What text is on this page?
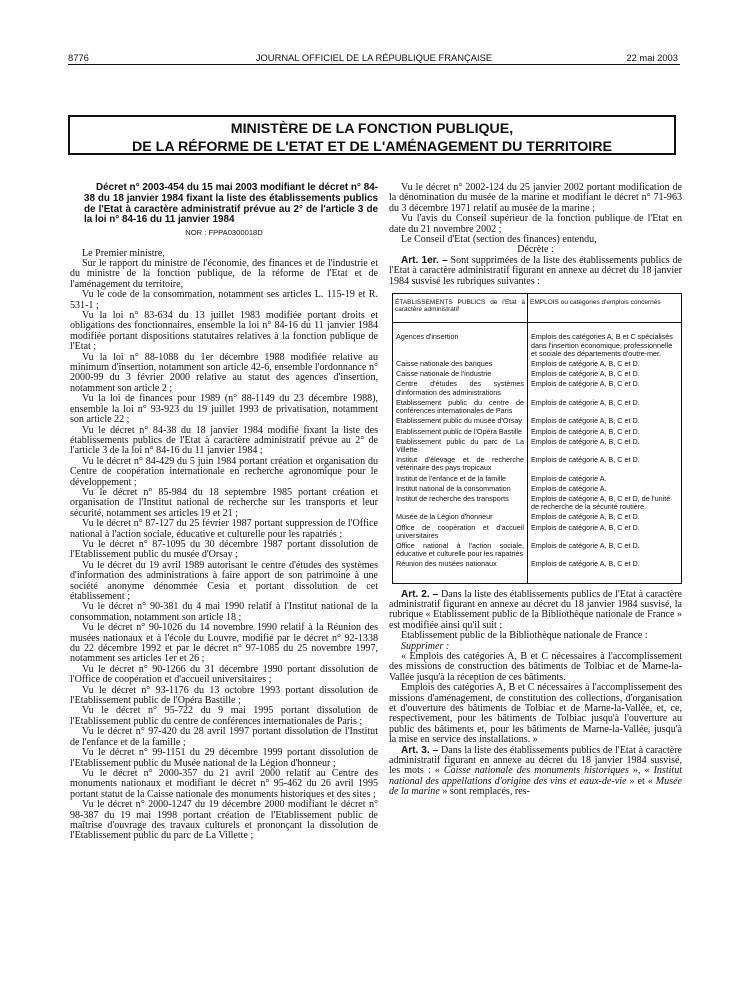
8776	JOURNAL OFFICIEL DE LA RÉPUBLIQUE FRANÇAISE	22 mai 2003
MINISTÈRE DE LA FONCTION PUBLIQUE,
DE LA RÉFORME DE L'ETAT ET DE L'AMÉNAGEMENT DU TERRITOIRE

Décret n° 2003-454 du 15 mai 2003 modifiant le décret n° 84-38 du 18 janvier 1984 fixant la liste des établissements publics de l'Etat à caractère administratif prévue au 2° de l'article 3 de la loi n° 84-16 du 11 janvier 1984

NOR : FPPA0300018D

Le Premier ministre,

Sur le rapport du ministre de l'économie, des finances et de l'industrie et du ministre de la fonction publique, de la réforme de l'Etat et de l'aménagement du territoire,

Vu le code de la consommation, notamment ses articles L. 115-19 et R. 531-1 ;

Vu la loi n° 83-634 du 13 juillet 1983 modifiée portant droits et obligations des fonctionnaires, ensemble la loi n° 84-16 du 11 janvier 1984 modifiée portant dispositions statutaires relatives à la fonction publique de l'Etat ;

Vu la loi n° 88-1088 du 1er décembre 1988 modifiée relative au minimum d'insertion, notamment son article 42-6, ensemble l'ordonnance n° 2000-99 du 3 février 2000 relative au statut des agences d'insertion, notamment son article 2 ;

Vu la loi de finances pour 1989 (n° 88-1149 du 23 décembre 1988), ensemble la loi n° 93-923 du 19 juillet 1993 de privatisation, notamment son article 22 ;

Vu le décret n° 84-38 du 18 janvier 1984 modifié fixant la liste des établissements publics de l'Etat à caractère administratif prévue au 2° de l'article 3 de la loi n° 84-16 du 11 janvier 1984 ;

Vu le décret n° 84-429 du 5 juin 1984 portant création et organisation du Centre de coopération internationale en recherche agronomique pour le développement ;

Vu le décret n° 85-984 du 18 septembre 1985 portant création et organisation de l'Institut national de recherche sur les transports et leur sécurité, notamment ses articles 19 et 21 ;

Vu le décret n° 87-127 du 25 février 1987 portant suppression de l'Office national à l'action sociale, éducative et culturelle pour les rapatriés ;

Vu le décret n° 87-1095 du 30 décembre 1987 portant dissolution de l'Etablissement public du musée d'Orsay ;

Vu le décret du 19 avril 1989 autorisant le centre d'études des systèmes d'information des administrations à faire apport de son patrimoine à une société anonyme dénommée Cesia et portant dissolution de cet établissement ;

Vu le décret n° 90-381 du 4 mai 1990 relatif à l'Institut national de la consommation, notamment son article 18 ;

Vu le décret n° 90-1026 du 14 novembre 1990 relatif à la Réunion des musées nationaux et à l'école du Louvre, modifié par le décret n° 92-1338 du 22 décembre 1992 et par le décret n° 97-1085 du 25 novembre 1997, notamment ses articles 1er et 26 ;

Vu le décret n° 90-1266 du 31 décembre 1990 portant dissolution de l'Office de coopération et d'accueil universitaires ;

Vu le décret n° 93-1176 du 13 octobre 1993 portant dissolution de l'Etablissement public de l'Opéra Bastille ;

Vu le décret n° 95-722 du 9 mai 1995 portant dissolution de l'Etablissement public du centre de conférences internationales de Paris ;

Vu le décret n° 97-420 du 28 avril 1997 portant dissolution de l'Institut de l'enfance et de la famille ;

Vu le décret n° 99-1151 du 29 décembre 1999 portant dissolution de l'Etablissement public du Musée national de la Légion d'honneur ;

Vu le décret n° 2000-357 du 21 avril 2000 relatif au Centre des monuments nationaux et modifiant le décret n° 95-462 du 26 avril 1995 portant statut de la Caisse nationale des monuments historiques et des sites ;

Vu le décret n° 2000-1247 du 19 décembre 2000 modifiant le décret n° 98-387 du 19 mai 1998 portant création de l'Etablissement public de maîtrise d'ouvrage des travaux culturels et prononçant la dissolution de l'Etablissement public du parc de La Villette ;

Vu le décret n° 2002-124 du 25 janvier 2002 portant modification de la dénomination du musée de la marine et modifiant le décret n° 71-963 du 3 décembre 1971 relatif au musée de la marine ;

Vu l'avis du Conseil supérieur de la fonction publique de l'Etat en date du 21 novembre 2002 ;

Le Conseil d'Etat (section des finances) entendu,

Décrète :

Art. 1er. – Sont supprimées de la liste des établissements publics de l'Etat à caractère administratif figurant en annexe au décret du 18 janvier 1984 susvisé les rubriques suivantes :

ÉTABLISSEMENTS PUBLICS de l'Etat à caractère administratif	EMPLOIS ou catégories d'emplois concernés
Agences d'insertion	Emplois des catégories A, B et C spécialisés dans l'insertion économique, professionnelle et sociale des départements d'outre-mer.
Caisse nationale des banques	Emplois de catégorie A, B, C et D.
Caisse nationale de l'industrie	Emplois de catégorie A, B, C et D.
Centre d'études des systèmes d'information des administrations	Emplois de catégorie A, B, C et D.
Etablissement public du centre de conférences internationales de Paris	Emplois de catégorie A, B, C et D.
Etablissement public du musée d'Orsay	Emplois de catégorie A, B, C et D.
Etablissement public de l'Opéra Bastille	Emplois de catégorie A, B, C et D.
Etablissement public du parc de La Villette	Emplois de catégorie A, B, C et D.
Institut d'élevage et de recherche vétérinaire des pays tropicaux	Emplois de catégorie A, B, C et D.
Institut de l'enfance et de la famille	Emplois de catégorie A.
Institut national de la consommation	Emplois de catégorie A.
Institut de recherche des transports	Emplois de catégorie A, B, C et D, de l'unité de recherche de la sécurité routière.
Musée de la Légion d'honneur	Emplois de catégorie A, B, C et D.
Office de coopération et d'accueil universitaires	Emplois de catégorie A, B, C et D.
Office national à l'action sociale, éducative et culturelle pour les rapatriés	Emplois de catégorie A, B, C et D.
Réunion des musées nationaux	Emplois de catégorie A, B, C et D.

Art. 2. – Dans la liste des établissements publics de l'Etat à caractère administratif figurant en annexe au décret du 18 janvier 1984 susvisé, la rubrique « Etablissement public de la Bibliothèque nationale de France » est modifiée ainsi qu'il suit :

Etablissement public de la Bibliothèque nationale de France :

Supprimer :

« Emplois des catégories A, B et C nécessaires à l'accomplissement des missions de construction des bâtiments de Tolbiac et de Marne-la-Vallée jusqu'à la réception de ces bâtiments.

Emplois des catégories A, B et C nécessaires à l'accomplissement des missions d'aménagement, de constitution des collections, d'organisation et d'ouverture des bâtiments de Tolbiac et de Marne-la-Vallée, et, ce, respectivement, pour les bâtiments de Tolbiac jusqu'à l'ouverture au public des bâtiments et, pour les bâtiments de Marne-la-Vallée, jusqu'à la mise en service des installations. »

Art. 3. – Dans la liste des établissements publics de l'Etat à caractère administratif figurant en annexe au décret du 18 janvier 1984 susvisé, les mots : « Caisse nationale des monuments historiques », « Institut national des appellations d'origine des vins et eaux-de-vie » et « Musée de la marine » sont remplacés, res-
